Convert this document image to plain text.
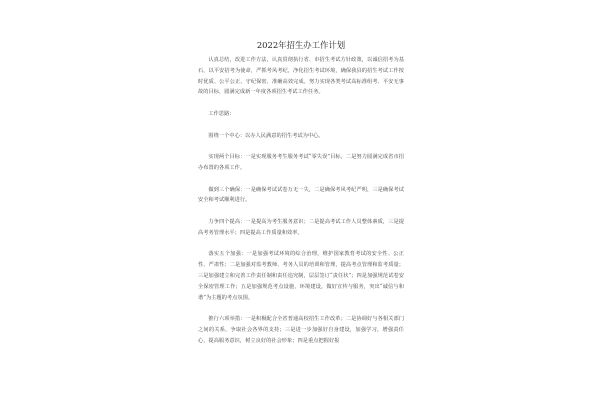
2022年招生办工作计划

认真总结，改进工作方法，认真贯彻执行省、市招生考试方针政策，以诚信招考为基石，以平安招考为使命，严抓考风考纪，净化招生考试环境，确保我县的招生考试工作按时优质、公平公正、守纪保密、准确高效完成。努力实现各类考试高标准组考、平安无事故的目标，圆满完成新一年度各项招生考试工作任务。

工作思路：

围绕一个中心：以办人民满意的招生考试为中心。

实现两个目标：一是实现服务考生服务考试“零失误”目标，二是努力圆满完成省市招办布置的各项工作。

做到三个确保：一是确保考试试卷万无一失，二是确保考风考纪严明，三是确保考试安全和考试顺利进行。

力争四个提高：一是提高为考生服务意识；二是提高考试工作人员整体素质，三是提高考务管理水平；四是提高工作质量和效率。

落实五个加强：一是加强考试环境的综合治理，维护国家教育考试的安全性、公正性、严肃性；二是加强对监考教师、考务人员的培训和管理，提高考点管理和监考质量；三是加强建立和完善工作责任制和责任追究制，层层签订“责任状”；四是加强规范试卷安全保密管理工作；五是加强规范考点设施、环境建设，做好宣传与服务，突出“诚信与和谐”为主题的考点氛围。

推行六项举措：一是积极配合全省普通高校招生工作改革；二是协调好与各相关部门之间的关系，争取社会各界的支持；三是进一步加强好自身建设，加强学习，增强责任心，提高服务意识，树立良好的社会形象；四是重点把握好报
